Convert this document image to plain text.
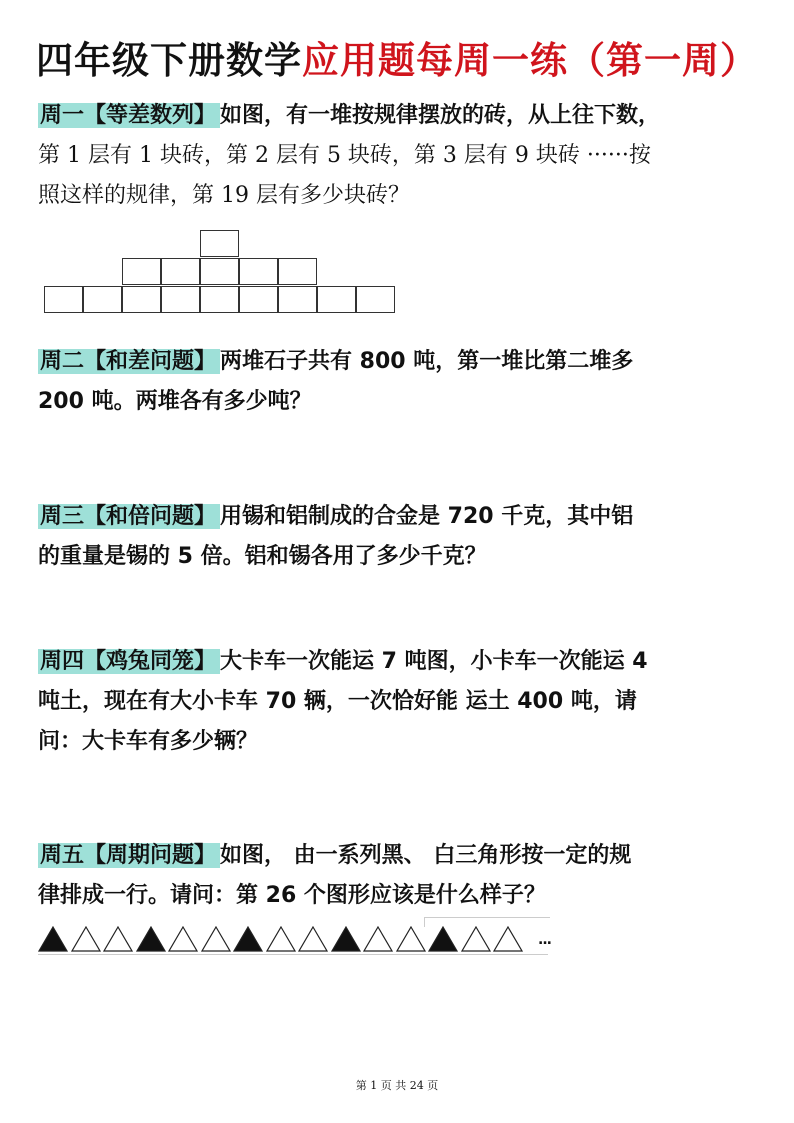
四年级下册数学应用题每周一练（第一周）

周一【等差数列】 如图，有一堆按规律摆放的砖，从上往下数，

第 1 层有 1 块砖，第 2 层有 5 块砖，第 3 层有 9 块砖 ······按

照这样的规律，第 19 层有多少块砖？

周二【和差问题】 两堆石子共有 800 吨，第一堆比第二堆多

200 吨。两堆各有多少吨？

周三【和倍问题】 用锡和铝制成的合金是 720 千克，其中铝

的重量是锡的 5 倍。铝和锡各用了多少千克？

周四【鸡兔同笼】 大卡车一次能运 7 吨图，小卡车一次能运 4

吨土，现在有大小卡车 70 辆，一次恰好能 运土 400 吨，请

问：大卡车有多少辆？

周五【周期问题】 如图， 由一系列黑、 白三角形按一定的规

律排成一行。请问：第 26 个图形应该是什么样子？

...
第 1 页 共 24 页
